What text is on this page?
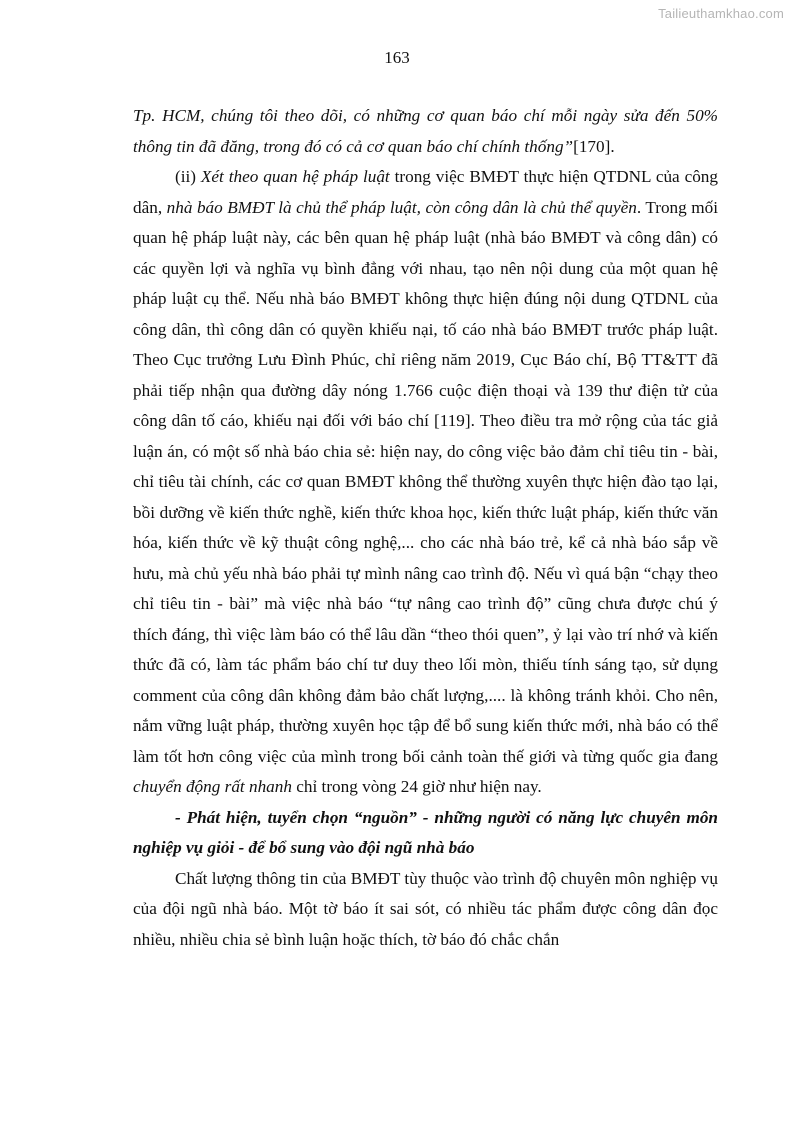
Tailieuthamkhao.com
163

Tp. HCM, chúng tôi theo dõi, có những cơ quan báo chí mỗi ngày sửa đến 50% thông tin đã đăng, trong đó có cả cơ quan báo chí chính thống”[170].

(ii) Xét theo quan hệ pháp luật trong việc BMĐT thực hiện QTDNL của công dân, nhà báo BMĐT là chủ thể pháp luật, còn công dân là chủ thể quyền. Trong mối quan hệ pháp luật này, các bên quan hệ pháp luật (nhà báo BMĐT và công dân) có các quyền lợi và nghĩa vụ bình đẳng với nhau, tạo nên nội dung của một quan hệ pháp luật cụ thể. Nếu nhà báo BMĐT không thực hiện đúng nội dung QTDNL của công dân, thì công dân có quyền khiếu nại, tố cáo nhà báo BMĐT trước pháp luật. Theo Cục trưởng Lưu Đình Phúc, chỉ riêng năm 2019, Cục Báo chí, Bộ TT&TT đã phải tiếp nhận qua đường dây nóng 1.766 cuộc điện thoại và 139 thư điện tử của công dân tố cáo, khiếu nại đối với báo chí [119]. Theo điều tra mở rộng của tác giả luận án, có một số nhà báo chia sẻ: hiện nay, do công việc bảo đảm chỉ tiêu tin - bài, chỉ tiêu tài chính, các cơ quan BMĐT không thể thường xuyên thực hiện đào tạo lại, bồi dưỡng về kiến thức nghề, kiến thức khoa học, kiến thức luật pháp, kiến thức văn hóa, kiến thức về kỹ thuật công nghệ,... cho các nhà báo trẻ, kể cả nhà báo sắp về hưu, mà chủ yếu nhà báo phải tự mình nâng cao trình độ. Nếu vì quá bận “chạy theo chỉ tiêu tin - bài” mà việc nhà báo “tự nâng cao trình độ” cũng chưa được chú ý thích đáng, thì việc làm báo có thể lâu dần “theo thói quen”, ỷ lại vào trí nhớ và kiến thức đã có, làm tác phẩm báo chí tư duy theo lối mòn, thiếu tính sáng tạo, sử dụng comment của công dân không đảm bảo chất lượng,.... là không tránh khỏi. Cho nên, nắm vững luật pháp, thường xuyên học tập để bổ sung kiến thức mới, nhà báo có thể làm tốt hơn công việc của mình trong bối cảnh toàn thế giới và từng quốc gia đang chuyển động rất nhanh chỉ trong vòng 24 giờ như hiện nay.

- Phát hiện, tuyển chọn “nguồn” - những người có năng lực chuyên môn nghiệp vụ giỏi - để bổ sung vào đội ngũ nhà báo

Chất lượng thông tin của BMĐT tùy thuộc vào trình độ chuyên môn nghiệp vụ của đội ngũ nhà báo. Một tờ báo ít sai sót, có nhiều tác phẩm được công dân đọc nhiều, nhiều chia sẻ bình luận hoặc thích, tờ báo đó chắc chắn
